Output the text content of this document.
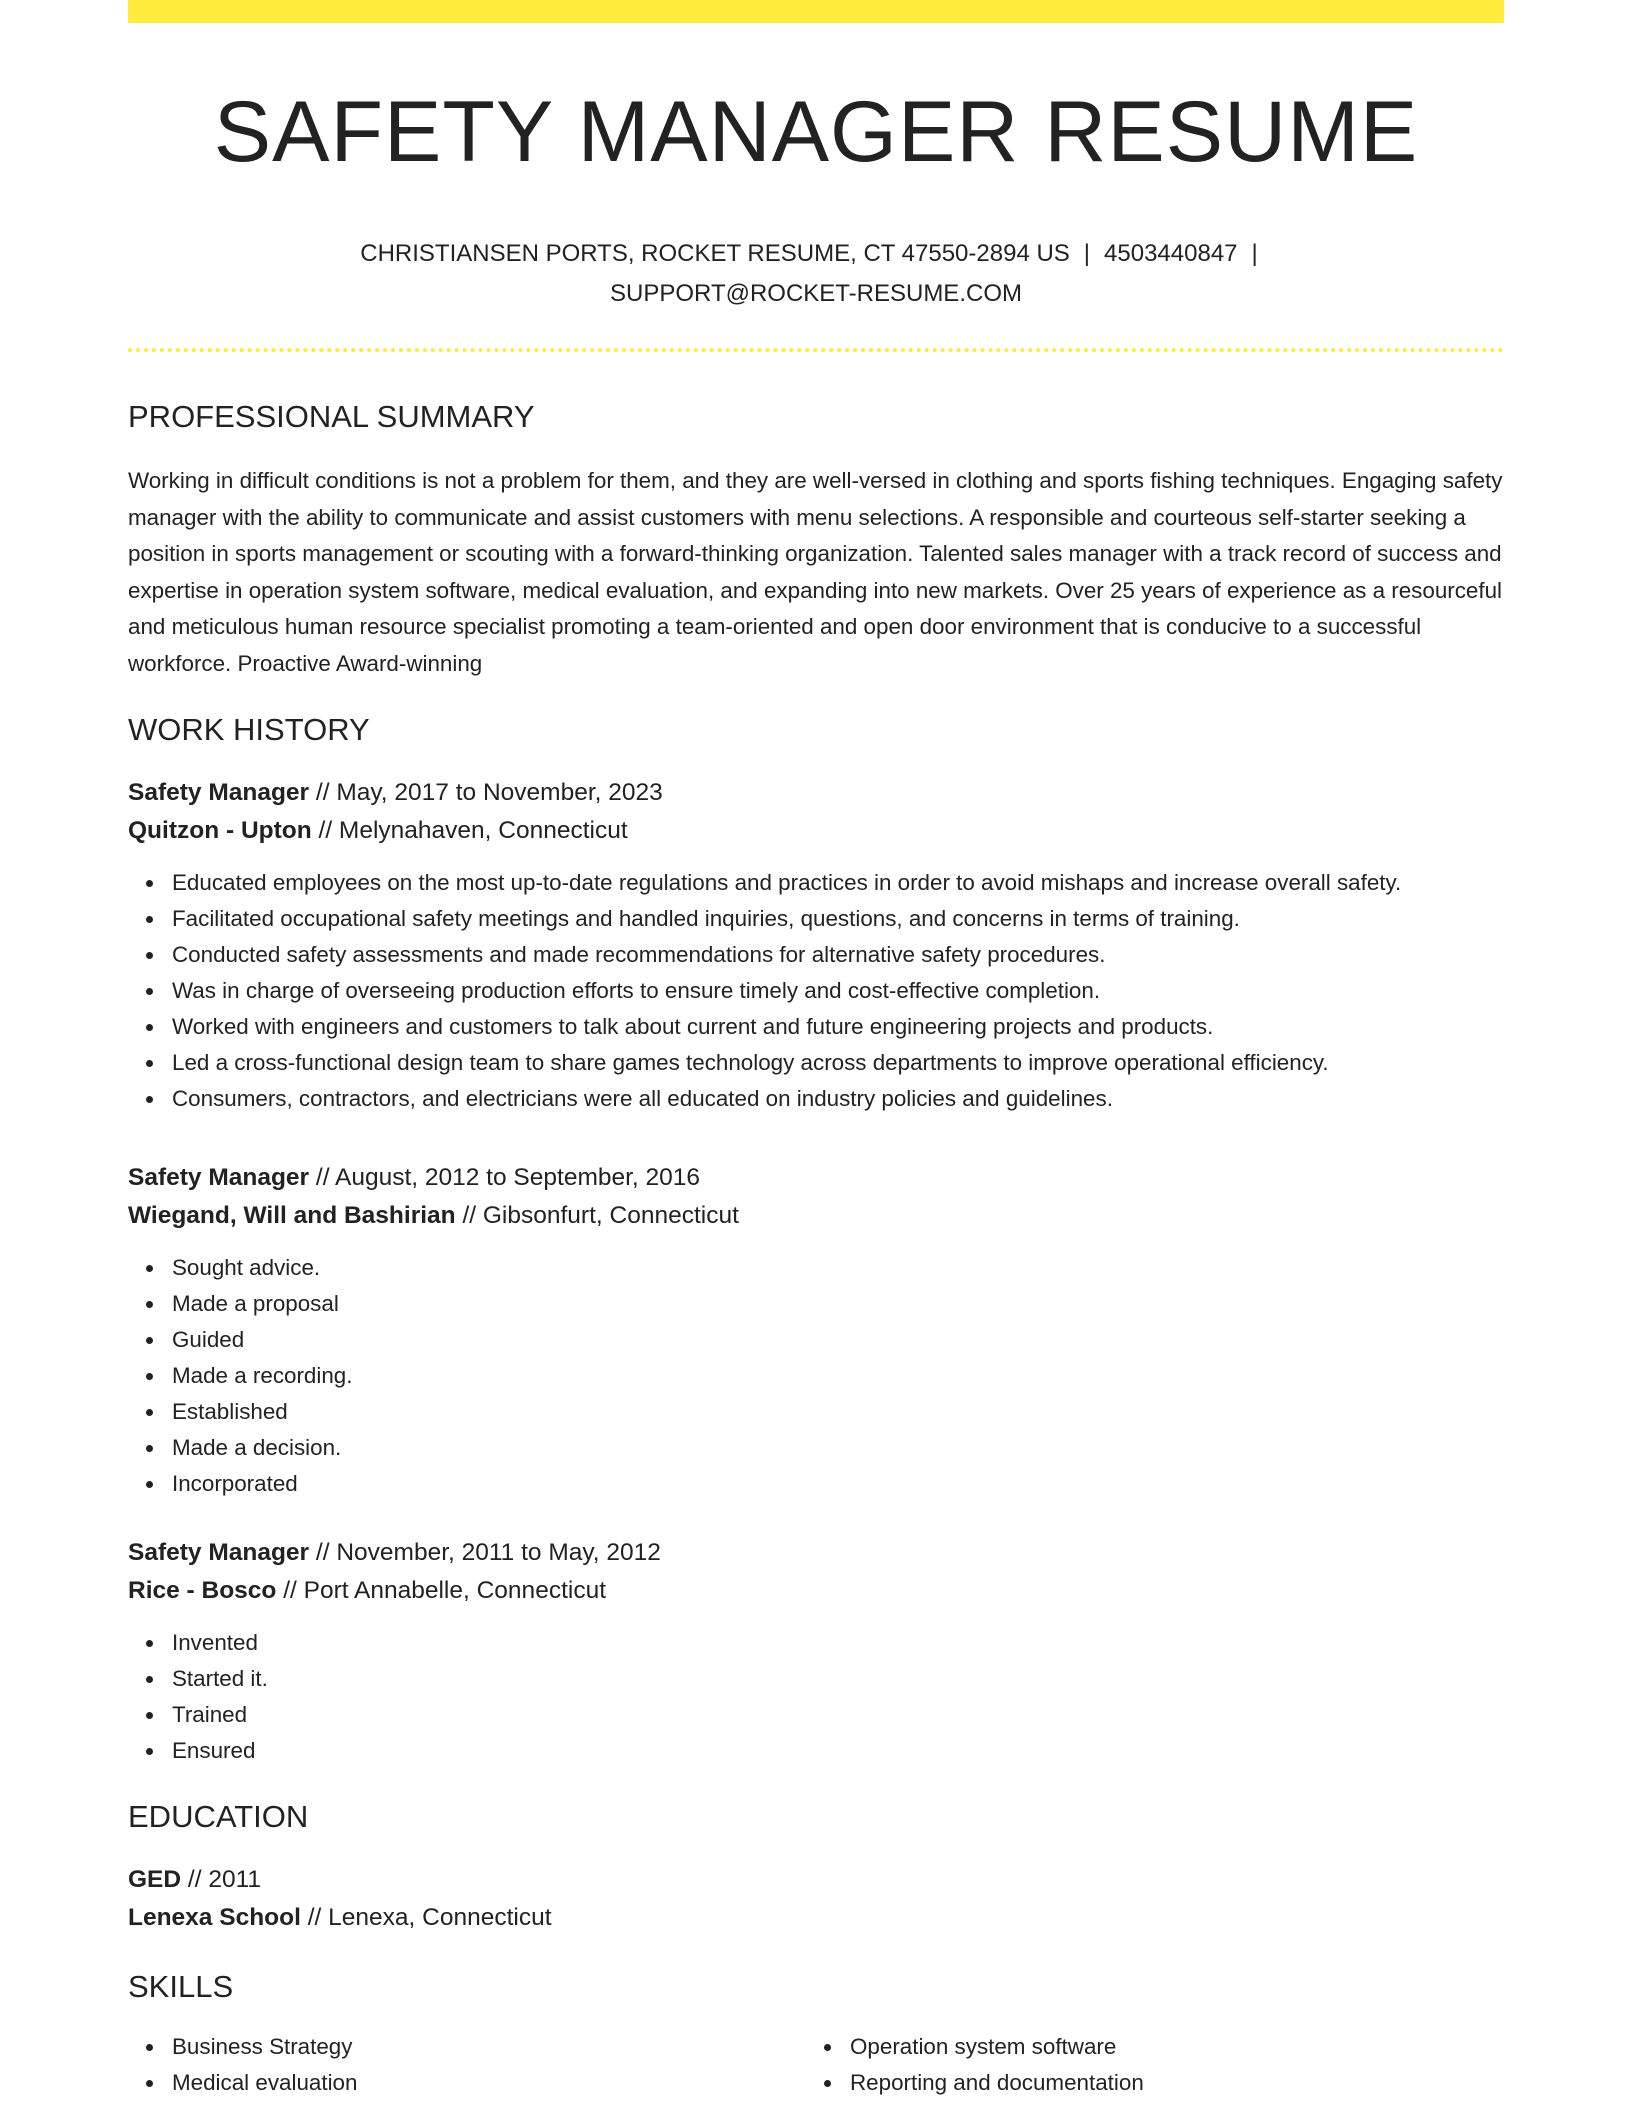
SAFETY MANAGER RESUME
CHRISTIANSEN PORTS, ROCKET RESUME, CT 47550-2894 US | 4503440847 |
SUPPORT@ROCKET-RESUME.COM
PROFESSIONAL SUMMARY

Working in difficult conditions is not a problem for them, and they are well-versed in clothing and sports fishing techniques. Engaging safety manager with the ability to communicate and assist customers with menu selections. A responsible and courteous self-starter seeking a position in sports management or scouting with a forward-thinking organization. Talented sales manager with a track record of success and expertise in operation system software, medical evaluation, and expanding into new markets. Over 25 years of experience as a resourceful and meticulous human resource specialist promoting a team-oriented and open door environment that is conducive to a successful workforce. Proactive Award-winning

WORK HISTORY
Safety Manager // May, 2017 to November, 2023
Quitzon - Upton // Melynahaven, Connecticut
Educated employees on the most up-to-date regulations and practices in order to avoid mishaps and increase overall safety.
Facilitated occupational safety meetings and handled inquiries, questions, and concerns in terms of training.
Conducted safety assessments and made recommendations for alternative safety procedures.
Was in charge of overseeing production efforts to ensure timely and cost-effective completion.
Worked with engineers and customers to talk about current and future engineering projects and products.
Led a cross-functional design team to share games technology across departments to improve operational efficiency.
Consumers, contractors, and electricians were all educated on industry policies and guidelines.
Safety Manager // August, 2012 to September, 2016
Wiegand, Will and Bashirian // Gibsonfurt, Connecticut
Sought advice.
Made a proposal
Guided
Made a recording.
Established
Made a decision.
Incorporated
Safety Manager // November, 2011 to May, 2012
Rice - Bosco // Port Annabelle, Connecticut
Invented
Started it.
Trained
Ensured
EDUCATION
GED // 2011
Lenexa School // Lenexa, Connecticut
SKILLS
Business Strategy
Medical evaluation
Operation system software
Reporting and documentation
